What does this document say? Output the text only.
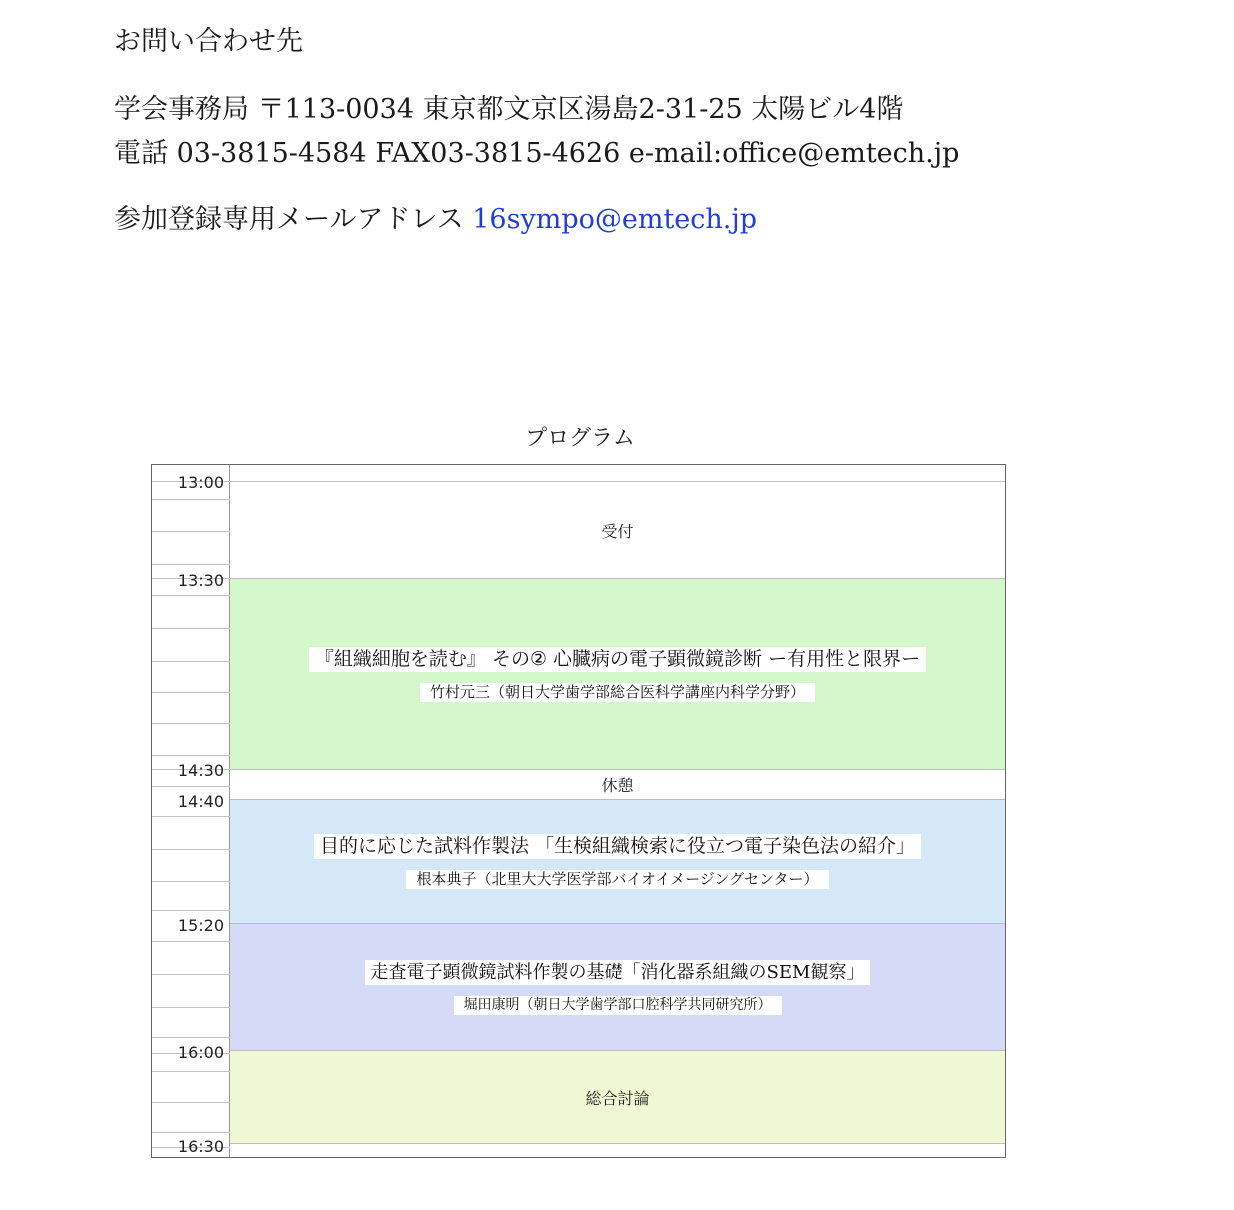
お問い合わせ先

学会事務局 〒113-0034 東京都文京区湯島2-31-25 太陽ビル4階
電話 03-3815-4584 FAX03-3815-4626 e-mail:office@emtech.jp
参加登録専用メールアドレス 16sympo@emtech.jp
プログラム
13:00
13:30
14:30
14:40
15:20
16:00
16:30
受付
『組織細胞を読む』 その② 心臓病の電子顕微鏡診断 ー有用性と限界ー
竹村元三（朝日大学歯学部総合医科学講座内科学分野）
休憩
目的に応じた試料作製法 「生検組織検索に役立つ電子染色法の紹介」
根本典子（北里大大学医学部バイオイメージングセンター）
走査電子顕微鏡試料作製の基礎「消化器系組織のSEM観察」
堀田康明（朝日大学歯学部口腔科学共同研究所）
総合討論
